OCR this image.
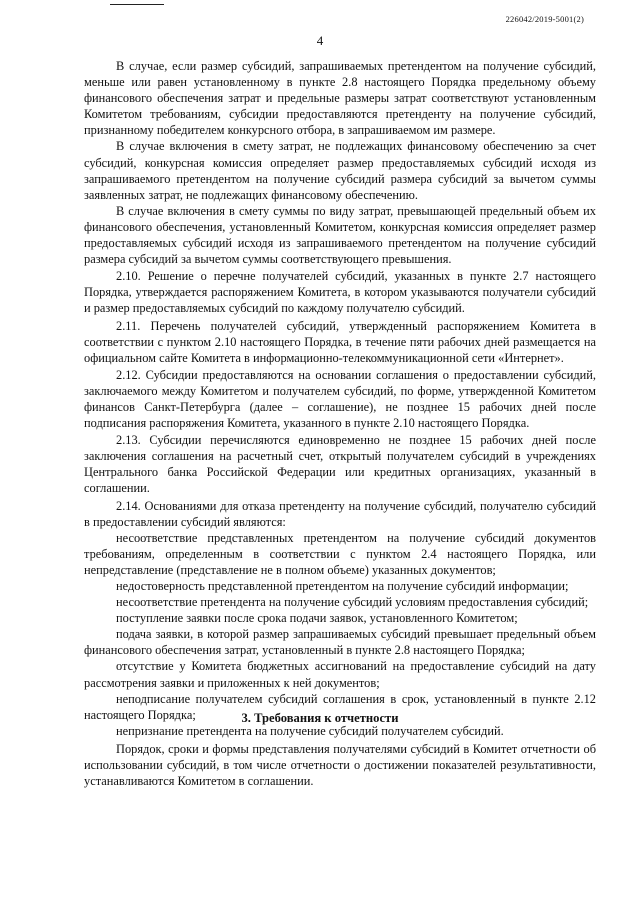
226042/2019-5001(2)
4

В случае, если размер субсидий, запрашиваемых претендентом на получение субсидий, меньше или равен установленному в пункте 2.8 настоящего Порядка предельному объему финансового обеспечения затрат и предельные размеры затрат соответствуют установленным Комитетом требованиям, субсидии предоставляются претенденту на получение субсидий, признанному победителем конкурсного отбора, в запрашиваемом им размере.

В случае включения в смету затрат, не подлежащих финансовому обеспечению за счет субсидий, конкурсная комиссия определяет размер предоставляемых субсидий исходя из запрашиваемого претендентом на получение субсидий размера субсидий за вычетом суммы заявленных затрат, не подлежащих финансовому обеспечению.

В случае включения в смету суммы по виду затрат, превышающей предельный объем их финансового обеспечения, установленный Комитетом, конкурсная комиссия определяет размер предоставляемых субсидий исходя из запрашиваемого претендентом на получение субсидий размера субсидий за вычетом суммы соответствующего превышения.

2.10. Решение о перечне получателей субсидий, указанных в пункте 2.7 настоящего Порядка, утверждается распоряжением Комитета, в котором указываются получатели субсидий и размер предоставляемых субсидий по каждому получателю субсидий.

2.11. Перечень получателей субсидий, утвержденный распоряжением Комитета в соответствии с пунктом 2.10 настоящего Порядка, в течение пяти рабочих дней размещается на официальном сайте Комитета в информационно-телекоммуникационной сети «Интернет».

2.12. Субсидии предоставляются на основании соглашения о предоставлении субсидий, заключаемого между Комитетом и получателем субсидий, по форме, утвержденной Комитетом финансов Санкт-Петербурга (далее – соглашение), не позднее 15 рабочих дней после подписания распоряжения Комитета, указанного в пункте 2.10 настоящего Порядка.

2.13. Субсидии перечисляются единовременно не позднее 15 рабочих дней после заключения соглашения на расчетный счет, открытый получателем субсидий в учреждениях Центрального банка Российской Федерации или кредитных организациях, указанный в соглашении.

2.14. Основаниями для отказа претенденту на получение субсидий, получателю субсидий в предоставлении субсидий являются:

несоответствие представленных претендентом на получение субсидий документов требованиям, определенным в соответствии с пунктом 2.4 настоящего Порядка, или непредставление (представление не в полном объеме) указанных документов;

недостоверность представленной претендентом на получение субсидий информации;

несоответствие претендента на получение субсидий условиям предоставления субсидий;

поступление заявки после срока подачи заявок, установленного Комитетом;

подача заявки, в которой размер запрашиваемых субсидий превышает предельный объем финансового обеспечения затрат, установленный в пункте 2.8 настоящего Порядка;

отсутствие у Комитета бюджетных ассигнований на предоставление субсидий на дату рассмотрения заявки и приложенных к ней документов;

неподписание получателем субсидий соглашения в срок, установленный в пункте 2.12 настоящего Порядка;

непризнание претендента на получение субсидий получателем субсидий.

3. Требования к отчетности

Порядок, сроки и формы представления получателями субсидий в Комитет отчетности об использовании субсидий, в том числе отчетности о достижении показателей результативности, устанавливаются Комитетом в соглашении.
